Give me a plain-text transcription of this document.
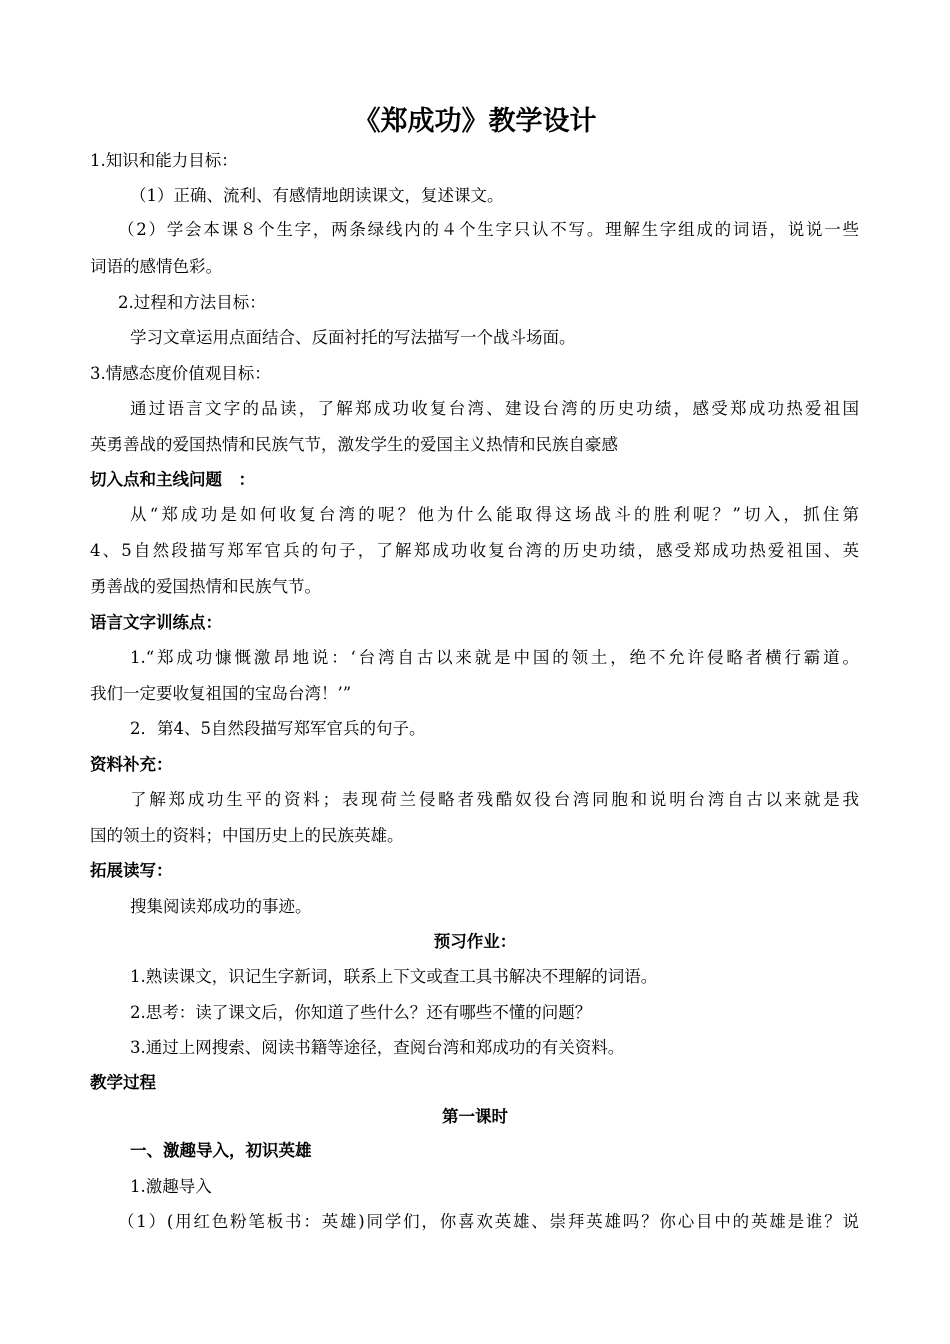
《郑成功》教学设计
1.知识和能力目标：
（1）正确、流利、有感情地朗读课文，复述课文。
（2）学会本课８个生字，两条绿线内的４个生字只认不写。理解生字组成的词语，说说一些
词语的感情色彩。
2.过程和方法目标：
学习文章运用点面结合、反面衬托的写法描写一个战斗场面。
3.情感态度价值观目标：
通过语言文字的品读，了解郑成功收复台湾、建设台湾的历史功绩，感受郑成功热爱祖国
英勇善战的爱国热情和民族气节，激发学生的爱国主义热情和民族自豪感
切入点和主线问题　：
从“郑成功是如何收复台湾的呢？他为什么能取得这场战斗的胜利呢？”切入，抓住第
4、5自然段描写郑军官兵的句子，了解郑成功收复台湾的历史功绩，感受郑成功热爱祖国、英
勇善战的爱国热情和民族气节。
语言文字训练点：
1.“郑成功慷慨激昂地说：‘台湾自古以来就是中国的领土，绝不允许侵略者横行霸道。
我们一定要收复祖国的宝岛台湾！’”
2．第4、5自然段描写郑军官兵的句子。
资料补充：
了解郑成功生平的资料；表现荷兰侵略者残酷奴役台湾同胞和说明台湾自古以来就是我
国的领土的资料；中国历史上的民族英雄。
拓展读写：
搜集阅读郑成功的事迹。
预习作业：
1.熟读课文，识记生字新词，联系上下文或查工具书解决不理解的词语。
2.思考：读了课文后，你知道了些什么？还有哪些不懂的问题？
3.通过上网搜索、阅读书籍等途径，查阅台湾和郑成功的有关资料。
教学过程
第一课时
一、激趣导入，初识英雄
1.激趣导入
（1）(用红色粉笔板书：英雄)同学们，你喜欢英雄、崇拜英雄吗？你心目中的英雄是谁？说
